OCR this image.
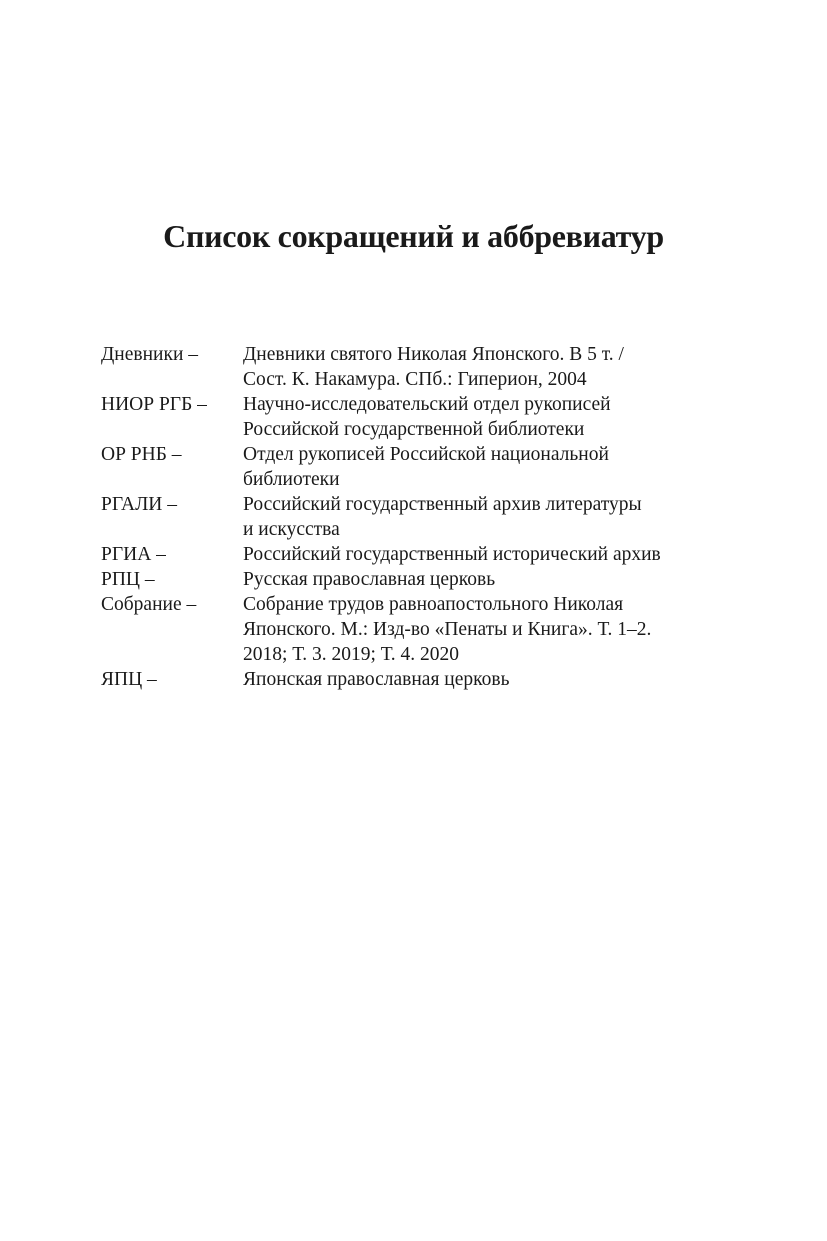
Список сокращений и аббревиатур
Дневники –	Дневники святого Николая Японского. В 5 т. /
Сост. К. Накамура. СПб.: Гиперион, 2004
НИОР РГБ –	Научно-исследовательский отдел рукописей
Российской государственной библиотеки
ОР РНБ –	Отдел рукописей Российской национальной
библиотеки
РГАЛИ –	Российский государственный архив литературы
и искусства
РГИА –	Российский государственный исторический архив
РПЦ –	Русская православная церковь
Собрание –	Собрание трудов равноапостольного Николая
Японского. М.: Изд-во «Пенаты и Книга». Т. 1–2.
2018; Т. 3. 2019; Т. 4. 2020
ЯПЦ –	Японская православная церковь
